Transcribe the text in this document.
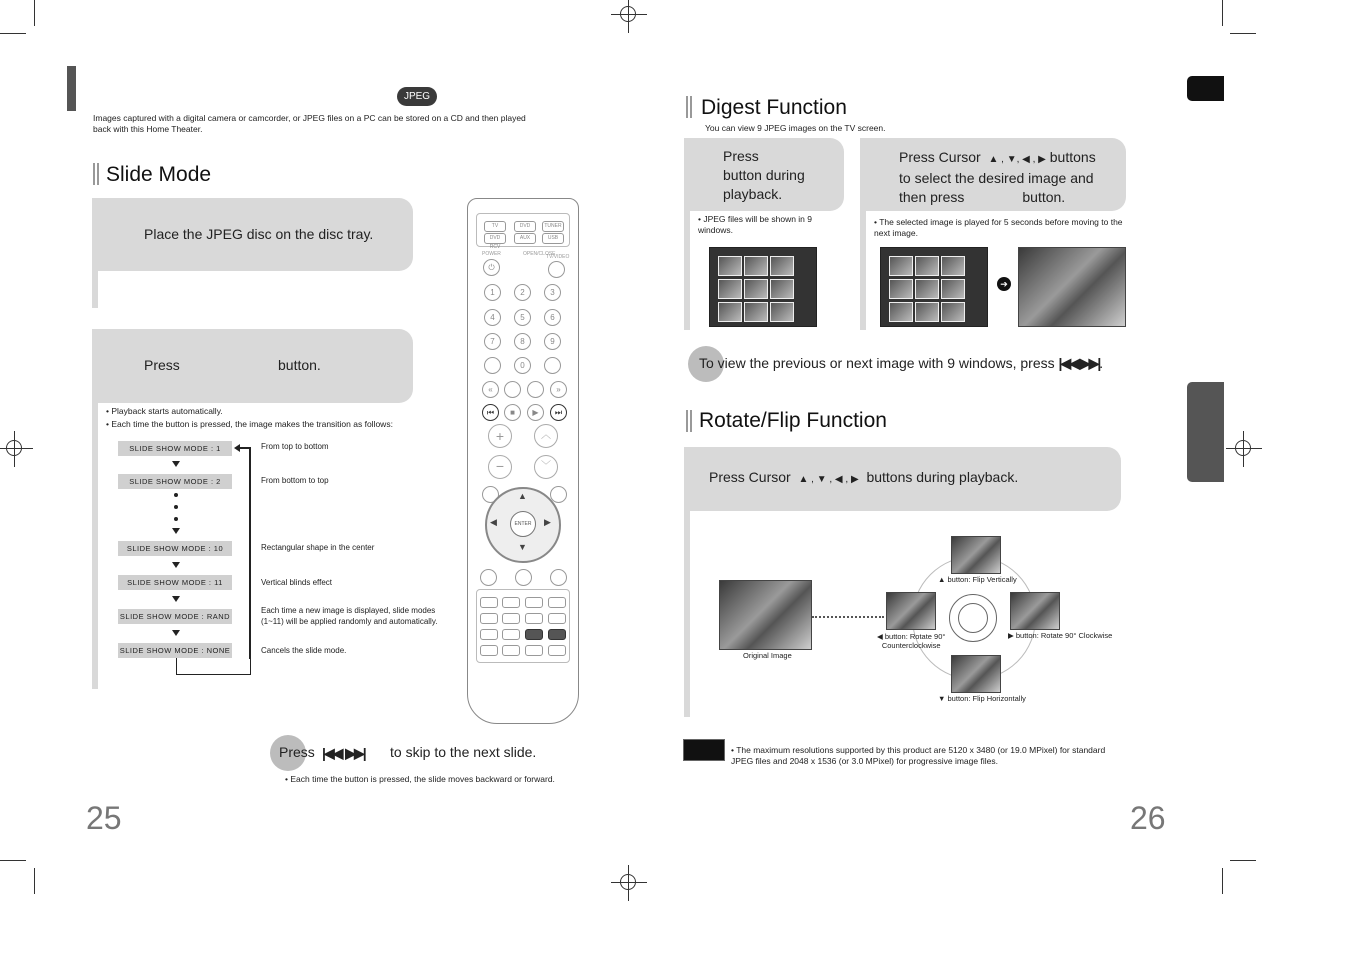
JPEG
Images captured with a digital camera or camcorder, or JPEG files on a PC can be stored on a CD and then played back with this Home Theater.
Slide Mode
Place the JPEG disc on the disc tray.
Press	button.
• Playback starts automatically.
• Each time the button is pressed, the image makes the transition as follows:
SLIDE SHOW MODE : 1	From top to bottom
SLIDE SHOW MODE : 2	From bottom to top
SLIDE SHOW MODE : 10	Rectangular shape in the center
SLIDE SHOW MODE : 11	Vertical blinds effect
SLIDE SHOW MODE : RAND
Each time a new image is displayed, slide modes (1~11) will be applied randomly and automatically.
SLIDE SHOW MODE : NONE	Cancels the slide mode.
TV	DVD	TUNER
DVD RCV
AUX	USB
POWER	OPEN/CLOSE
TV/VIDEO
⏻
1	2	3
4	5	6
7	8	9
0
«	»
⏮	■	▶	⏭
+
−
︿
﹀
ENTER
▲
▼
◀	▶
Press |◀◀  ▶▶| to skip to the next slide.
• Each time the button is pressed, the slide moves backward or forward.
25
Digest Function
You can view 9 JPEG images on the TV screen.
Press
button during
playback.
• JPEG files will be shown in 9 windows.
Press Cursor ▲ , ▼, ◀ , ▶ buttons
to select the desired image and
then press	button.
• The selected image is played for 5 seconds before moving to the next image.
➔
To view the previous or next image with 9 windows, press |◀◀ ▶▶|.
Rotate/Flip Function
Press Cursor ▲ , ▼ , ◀ , ▶ buttons during playback.
Original Image
▲ button: Flip Vertically
◀ button: Rotate 90°
Counterclockwise
▶ button: Rotate 90° Clockwise
▼ button: Flip Horizontally
• The maximum resolutions supported by this product are 5120 x 3480 (or 19.0 MPixel) for standard JPEG files and 2048 x 1536 (or 3.0 MPixel) for progressive image files.
26
